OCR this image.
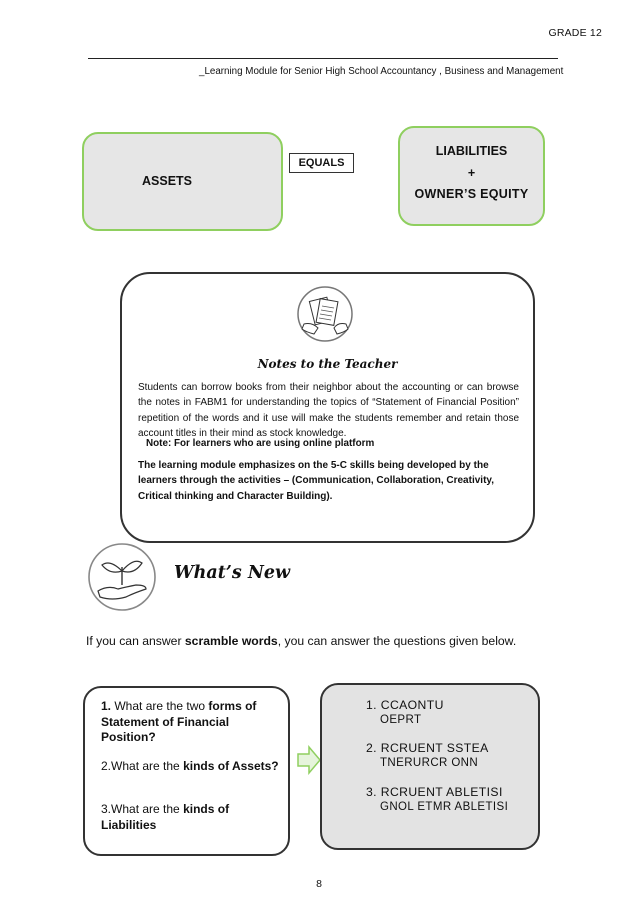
GRADE 12
_Learning Module for Senior High School Accountancy , Business and Management
ASSETS
EQUALS
LIABILITIES
+
OWNER’S EQUITY
Notes to the Teacher

Students can borrow books from their neighbor about the accounting or can browse the notes in FABM1 for understanding the topics of “Statement of Financial Position” repetition of the words and it use will make the students remember and retain those account titles in their mind as stock knowledge.

Note: For learners who are using online platform

The learning module emphasizes on the 5-C skills being developed by the learners through the activities – (Communication, Collaboration, Creativity, Critical thinking and Character Building).

What’s New
If you can answer scramble words, you can answer the questions given below.
1. What are the two forms of Statement of Financial Position?
2.What are the kinds of Assets?
3.What are the kinds of Liabilities
1. CCAONTU
OEPRT
2. RCRUENT SSTEA
TNERURCR ONN
3. RCRUENT ABLETISI
GNOL ETMR ABLETISI
8
